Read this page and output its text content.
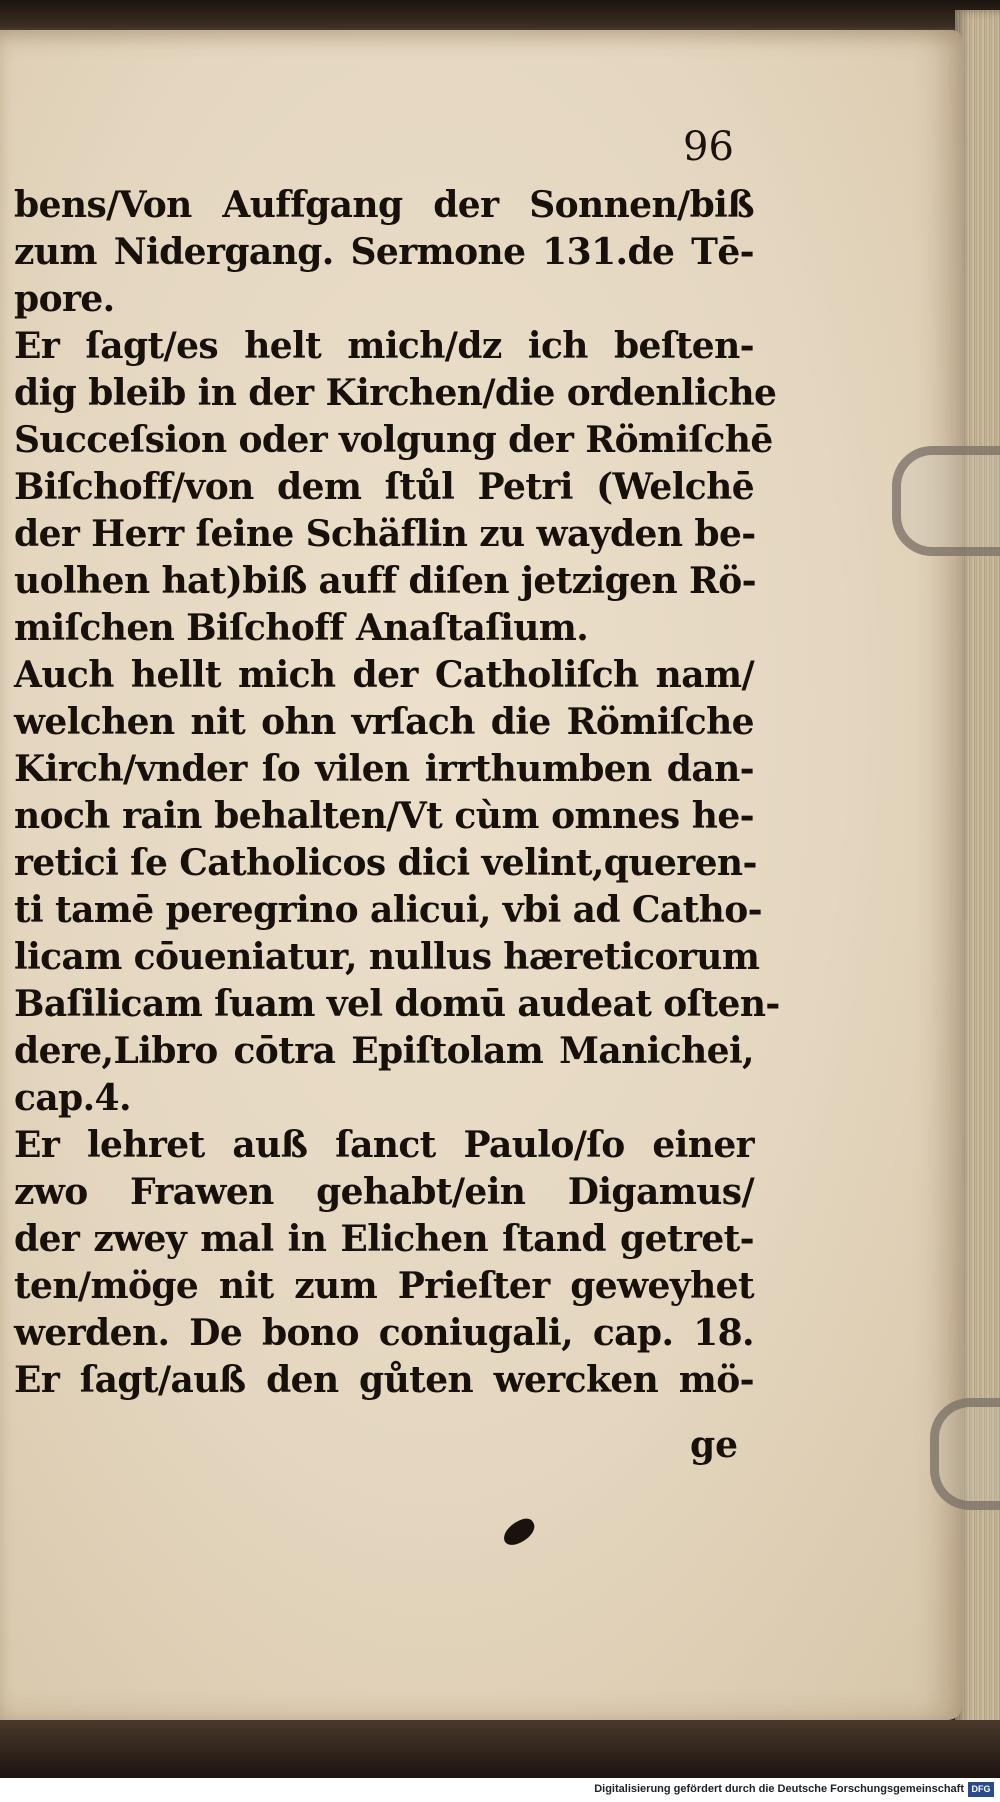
96
bens/Von Auffgang der Sonnen/biß
zum Nidergang. Sermone 131.de Tē-
pore.
Er ſagt/es helt mich/dz ich beſten-
dig bleib in der Kirchen/die ordenliche
Succeſsion oder volgung der Römiſchē
Biſchoff/von dem ſtůl Petri (Welchē
der Herr ſeine Schäflin zu wayden be-
uolhen hat)biß auff diſen jetzigen Rö-
miſchen Biſchoff Anaſtaſium.
Auch hellt mich der Catholiſch nam/
welchen nit ohn vrſach die Römiſche
Kirch/vnder ſo vilen irrthumben dan-
noch rain behalten/Vt cùm omnes he-
retici ſe Catholicos dici velint,queren-
ti tamē peregrino alicui, vbi ad Catho-
licam cōueniatur, nullus hæreticorum
Baſilicam ſuam vel domū audeat oſten-
dere,Libro cōtra Epiſtolam Manichei,
cap.4.
Er lehret auß ſanct Paulo/ſo einer
zwo Frawen gehabt/ein Digamus/
der zwey mal in Elichen ſtand getret-
ten/möge nit zum Prieſter geweyhet
werden. De bono coniugali, cap. 18.
Er ſagt/auß den gůten wercken mö-
ge
Digitalisierung gefördert durch die Deutsche Forschungsgemeinschaft DFG
